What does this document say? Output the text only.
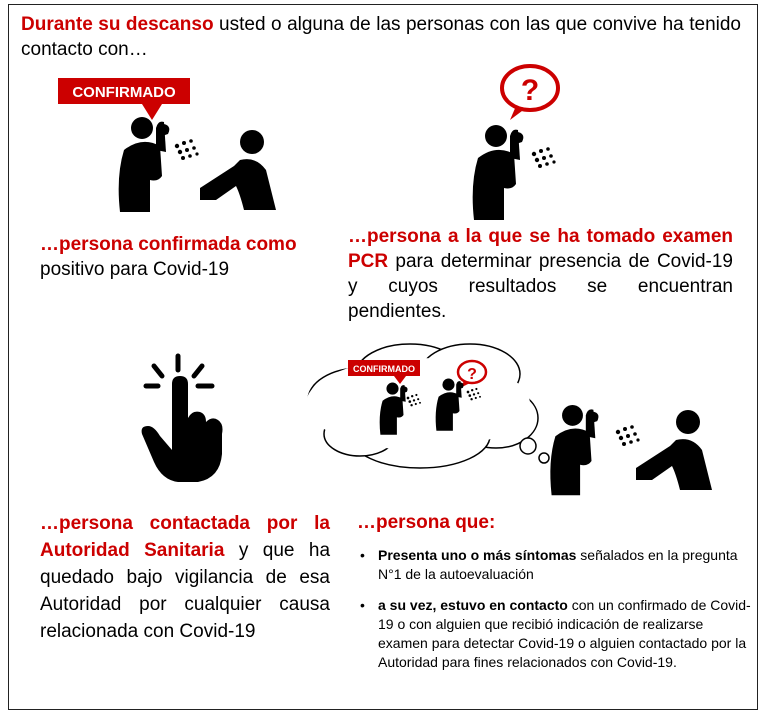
Durante su descanso usted o alguna de las personas con las que convive ha tenido contacto con…
CONFIRMADO
…persona confirmada como
positivo para Covid-19
?
…persona a la que se ha tomado examen PCR para determinar presencia de Covid-19 y cuyos resultados se encuentran pendientes.
…persona contactada por la Autoridad Sanitaria y que ha quedado bajo vigilancia de esa Autoridad por cualquier causa relacionada con Covid-19
CONFIRMADO	?
…persona que:
• Presenta uno o más síntomas señalados en la pregunta N°1 de la autoevaluación
• a su vez, estuvo en contacto con un confirmado de Covid-19 o con alguien que recibió indicación de realizarse examen para detectar Covid-19 o alguien contactado por la Autoridad para fines relacionados con Covid-19.
